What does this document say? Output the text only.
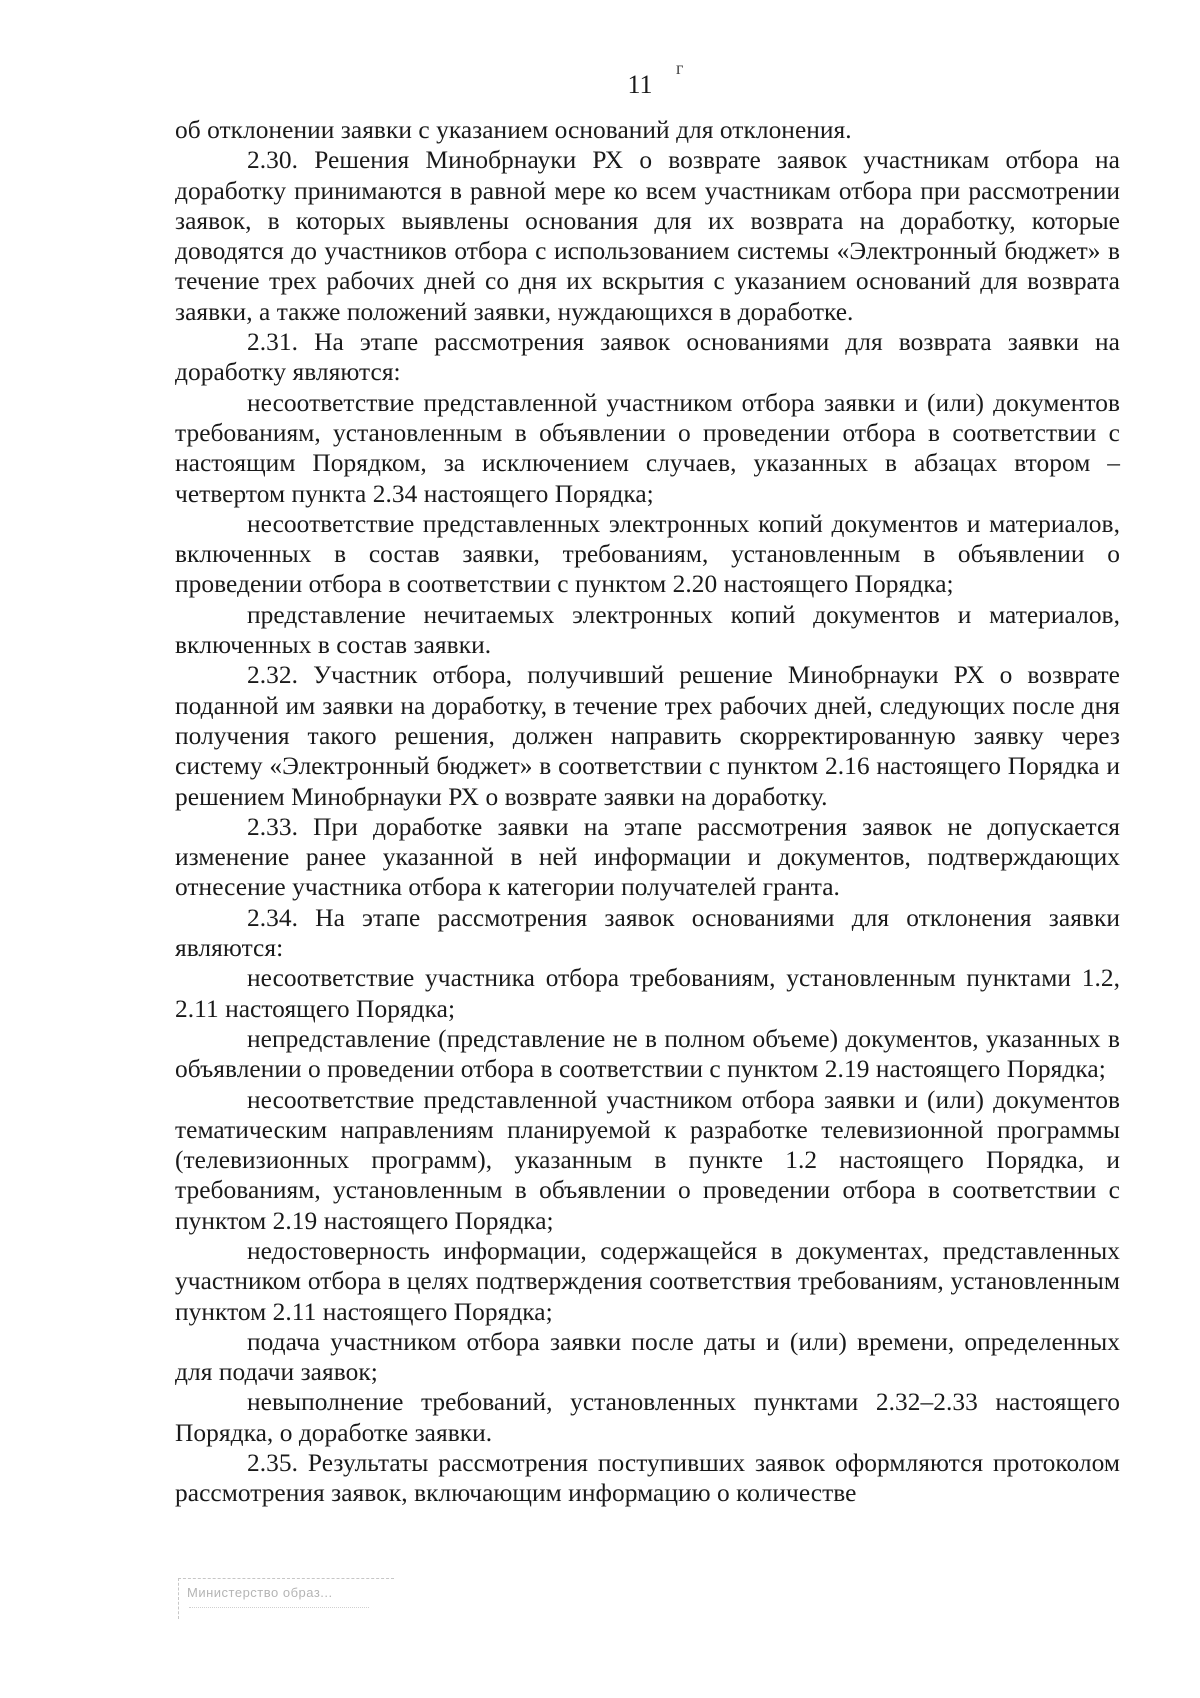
11
г

об отклонении заявки с указанием оснований для отклонения.

2.30. Решения Минобрнауки РХ о возврате заявок участникам отбора на доработку принимаются в равной мере ко всем участникам отбора при рассмотрении заявок, в которых выявлены основания для их возврата на доработку, которые доводятся до участников отбора с использованием системы «Электронный бюджет» в течение трех рабочих дней со дня их вскрытия с указанием оснований для возврата заявки, а также положений заявки, нуждающихся в доработке.

2.31. На этапе рассмотрения заявок основаниями для возврата заявки на доработку являются:

несоответствие представленной участником отбора заявки и (или) документов требованиям, установленным в объявлении о проведении отбора в соответствии с настоящим Порядком, за исключением случаев, указанных в абзацах втором – четвертом пункта 2.34 настоящего Порядка;

несоответствие представленных электронных копий документов и материалов, включенных в состав заявки, требованиям, установленным в объявлении о проведении отбора в соответствии с пунктом 2.20 настоящего Порядка;

представление нечитаемых электронных копий документов и материалов, включенных в состав заявки.

2.32. Участник отбора, получивший решение Минобрнауки РХ о возврате поданной им заявки на доработку, в течение трех рабочих дней, следующих после дня получения такого решения, должен направить скорректированную заявку через систему «Электронный бюджет» в соответствии с пунктом 2.16 настоящего Порядка и решением Минобрнауки РХ о возврате заявки на доработку.

2.33. При доработке заявки на этапе рассмотрения заявок не допускается изменение ранее указанной в ней информации и документов, подтверждающих отнесение участника отбора к категории получателей гранта.

2.34. На этапе рассмотрения заявок основаниями для отклонения заявки являются:

несоответствие участника отбора требованиям, установленным пунктами 1.2, 2.11 настоящего Порядка;

непредставление (представление не в полном объеме) документов, указанных в объявлении о проведении отбора в соответствии с пунктом 2.19 настоящего Порядка;

несоответствие представленной участником отбора заявки и (или) документов тематическим направлениям планируемой к разработке телевизионной программы (телевизионных программ), указанным в пункте 1.2 настоящего Порядка, и требованиям, установленным в объявлении о проведении отбора в соответствии с пунктом 2.19 настоящего Порядка;

недостоверность информации, содержащейся в документах, представленных участником отбора в целях подтверждения соответствия требованиям, установленным пунктом 2.11 настоящего Порядка;

подача участником отбора заявки после даты и (или) времени, определенных для подачи заявок;

невыполнение требований, установленных пунктами 2.32–2.33 настоящего Порядка, о доработке заявки.

2.35. Результаты рассмотрения поступивших заявок оформляются протоколом рассмотрения заявок, включающим информацию о количестве

Министерство образ...
